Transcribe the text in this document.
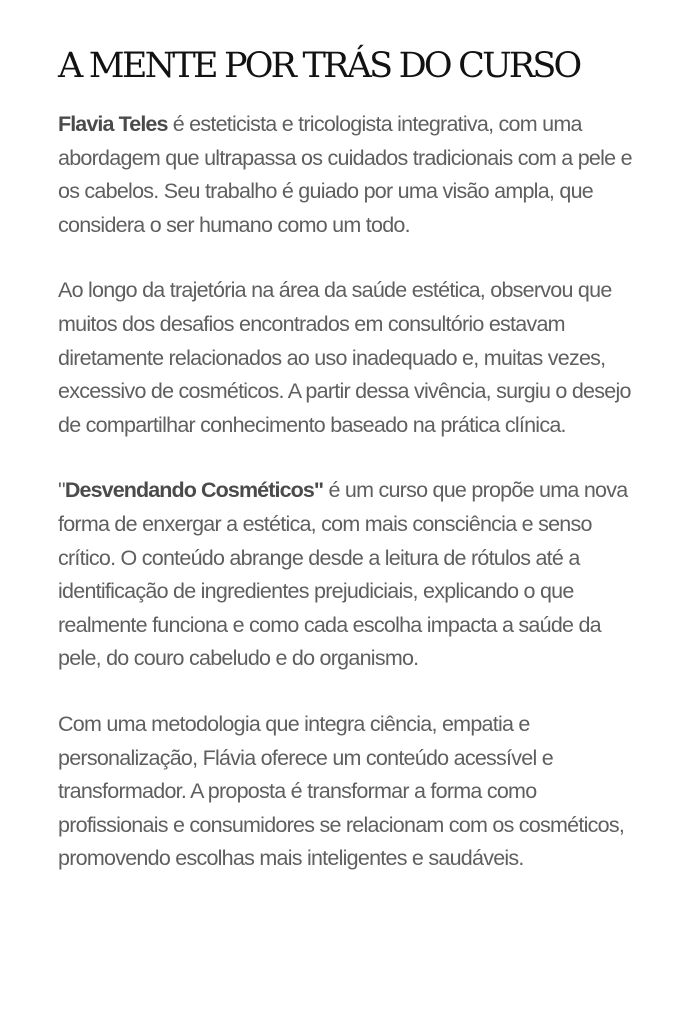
A MENTE POR TRÁS DO CURSO

Flavia Teles é esteticista e tricologista integrativa, com uma abordagem que ultrapassa os cuidados tradicionais com a pele e os cabelos. Seu trabalho é guiado por uma visão ampla, que considera o ser humano como um todo.

Ao longo da trajetória na área da saúde estética, observou que muitos dos desafios encontrados em consultório estavam diretamente relacionados ao uso inadequado e, muitas vezes, excessivo de cosméticos. A partir dessa vivência, surgiu o desejo de compartilhar conhecimento baseado na prática clínica.

"Desvendando Cosméticos" é um curso que propõe uma nova forma de enxergar a estética, com mais consciência e senso crítico. O conteúdo abrange desde a leitura de rótulos até a identificação de ingredientes prejudiciais, explicando o que realmente funciona e como cada escolha impacta a saúde da pele, do couro cabeludo e do organismo.

Com uma metodologia que integra ciência, empatia e personalização, Flávia oferece um conteúdo acessível e transformador. A proposta é transformar a forma como profissionais e consumidores se relacionam com os cosméticos, promovendo escolhas mais inteligentes e saudáveis.
